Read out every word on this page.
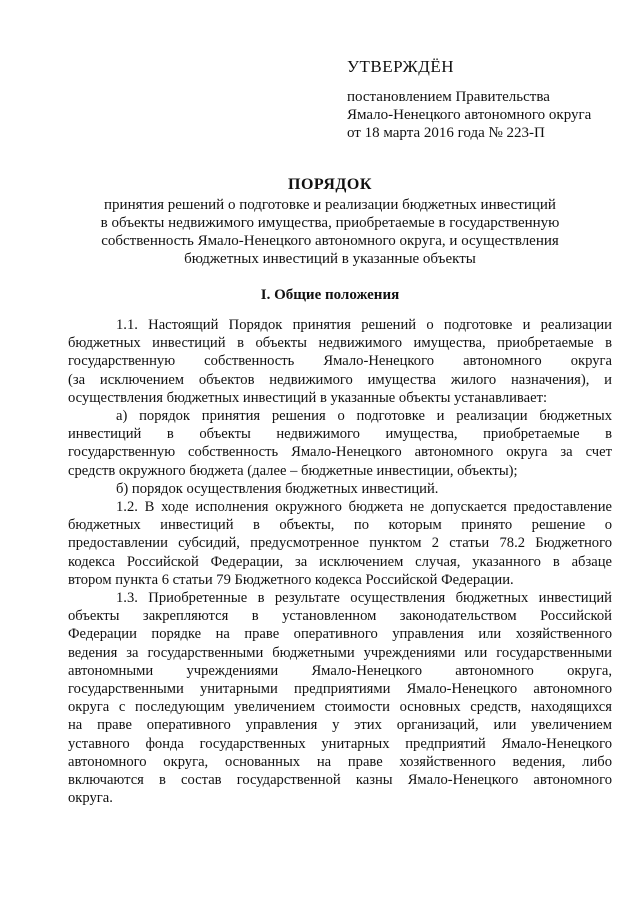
УТВЕРЖДЁН
постановлением Правительства
Ямало-Ненецкого автономного округа
от 18 марта 2016 года № 223-П
ПОРЯДОК
принятия решений о подготовке и реализации бюджетных инвестиций
в объекты недвижимого имущества, приобретаемые в государственную
собственность Ямало-Ненецкого автономного округа, и осуществления
бюджетных инвестиций в указанные объекты
I. Общие положения
1.1. Настоящий Порядок принятия решений о подготовке и реализации
бюджетных инвестиций в объекты недвижимого имущества, приобретаемые в
государственную собственность Ямало-Ненецкого автономного округа
(за исключением объектов недвижимого имущества жилого назначения), и
осуществления бюджетных инвестиций в указанные объекты устанавливает:
а) порядок принятия решения о подготовке и реализации бюджетных
инвестиций в объекты недвижимого имущества, приобретаемые в
государственную собственность Ямало-Ненецкого автономного округа за счет
средств окружного бюджета (далее – бюджетные инвестиции, объекты);
б) порядок осуществления бюджетных инвестиций.
1.2. В ходе исполнения окружного бюджета не допускается предоставление
бюджетных инвестиций в объекты, по которым принято решение о
предоставлении субсидий, предусмотренное пунктом 2 статьи 78.2 Бюджетного
кодекса Российской Федерации, за исключением случая, указанного в абзаце
втором пункта 6 статьи 79 Бюджетного кодекса Российской Федерации.
1.3. Приобретенные в результате осуществления бюджетных инвестиций
объекты закрепляются в установленном законодательством Российской
Федерации порядке на праве оперативного управления или хозяйственного
ведения за государственными бюджетными учреждениями или государственными
автономными учреждениями Ямало-Ненецкого автономного округа,
государственными унитарными предприятиями Ямало-Ненецкого автономного
округа с последующим увеличением стоимости основных средств, находящихся
на праве оперативного управления у этих организаций, или увеличением
уставного фонда государственных унитарных предприятий Ямало-Ненецкого
автономного округа, основанных на праве хозяйственного ведения, либо
включаются в состав государственной казны Ямало-Ненецкого автономного
округа.
